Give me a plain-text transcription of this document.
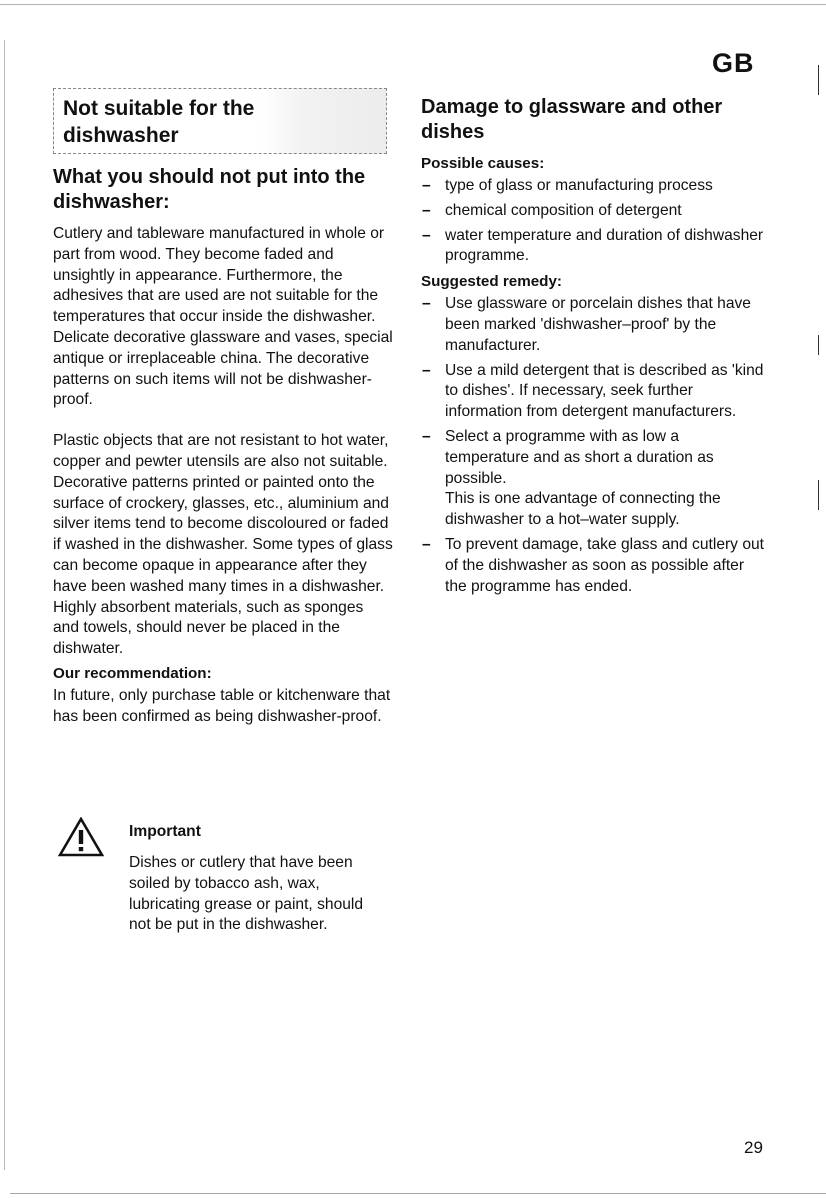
GB
Not suitable for the dishwasher
What you should not put into the dishwasher:

Cutlery and tableware manufactured in whole or part from wood. They become faded and unsightly in appearance. Furthermore, the adhesives that are used are not suitable for the temperatures that occur inside the dishwasher. Delicate decorative glassware and vases, special antique or irreplaceable china. The decorative patterns on such items will not be dishwasher-proof.

Plastic objects that are not resistant to hot water, copper and pewter utensils are also not suitable. Decorative patterns printed or painted onto the surface of crockery, glasses, etc., aluminium and silver items tend to become discoloured or faded if washed in the dishwasher. Some types of glass can become opaque in appearance after they have been washed many times in a dishwasher. Highly absorbent materials, such as sponges and towels, should never be placed in the dishwater.

Our recommendation:

In future, only purchase table or kitchenware that has been confirmed as being dishwasher-proof.

Important
Dishes or cutlery that have been soiled by tobacco ash, wax, lubricating grease or paint, should not be put in the dishwasher.
Damage to glassware and other dishes
Possible causes:
– type of glass or manufacturing process
– chemical composition of detergent
– water temperature and duration of dishwasher programme.
Suggested remedy:
– Use glassware or porcelain dishes that have been marked 'dishwasher–proof' by the manufacturer.
– Use a mild detergent that is described as 'kind to dishes'. If necessary, seek further information from detergent manufacturers.
– Select a programme with as low a temperature and as short a duration as possible.
This is one advantage of connecting the dishwasher to a hot–water supply.
– To prevent damage, take glass and cutlery out of the dishwasher as soon as possible after the programme has ended.
29
